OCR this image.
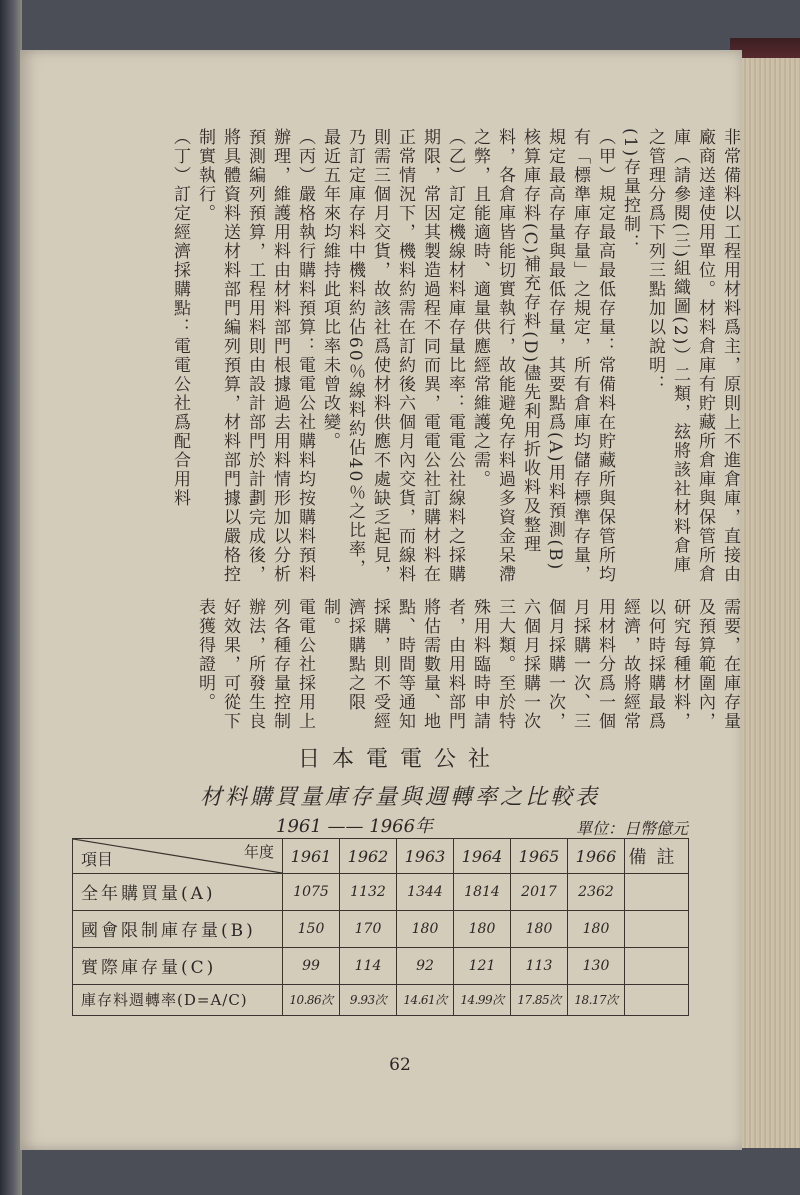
非常備料以工程用材料爲主，原則上不進倉庫，直接由廠商送達使用單位。材料倉庫有貯藏所倉庫與保管所倉庫（請參閱(三)組織圖(2)）二類，玆將該社材料倉庫之管理分爲下列三點加以說明：

(1)存量控制：

（甲）規定最高最低存量：常備料在貯藏所與保管所均有「標準庫存量」之規定，所有倉庫均儲存標準存量，規定最高存量與最低存量，其要點爲(A)用料預測(B)核算庫存料(C)補充存料(D)儘先利用折收料及整理料，各倉庫皆能切實執行，故能避免存料過多資金呆滯之弊，且能適時、適量供應經常維護之需。

（乙）訂定機線材料庫存量比率：電電公社線料之採購期限，常因其製造過程不同而異，電電公社訂購材料在正常情況下，機料約需在訂約後六個月內交貨，而線料則需三個月交貨，故該社爲使材料供應不處缺乏起見，乃訂定庫存料中機料約佔60％線料約佔40％之比率，最近五年來均維持此項比率未曾改變。

（丙）嚴格執行購料預算：電電公社購料均按購料預料辦理，維護用料由材料部門根據過去用料情形加以分析預測編列預算，工程用料則由設計部門於計劃完成後，將具體資料送材料部門編列預算，材料部門據以嚴格控制實執行。

（丁）訂定經濟採購點：電電公社爲配合用料

需要，在庫存量及預算範圍內，研究每種材料，以何時採購最爲經濟，故將經常用材料分爲一個月採購一次、三個月採購一次，六個月採購一次三大類。至於特殊用料臨時申請者，由用料部門將估需數量、地點、時間等通知採購，則不受經濟採購點之限制。

電電公社採用上列各種存量控制辦法，所發生良好效果，可從下表獲得證明。

日本電電公社
材料購買量庫存量與週轉率之比較表
1961 —— 1966年	單位：日幣億元
項目 年度	1961	1962	1963	1964	1965	1966	備註
全年購買量(A)	1075	1132	1344	1814	2017	2362	
國會限制庫存量(B)	150	170	180	180	180	180	
實際庫存量(C)	99	114	92	121	113	130	
庫存料週轉率(D=A/C)	10.86次	9.93次	14.61次	14.99次	17.85次	18.17次	
62
